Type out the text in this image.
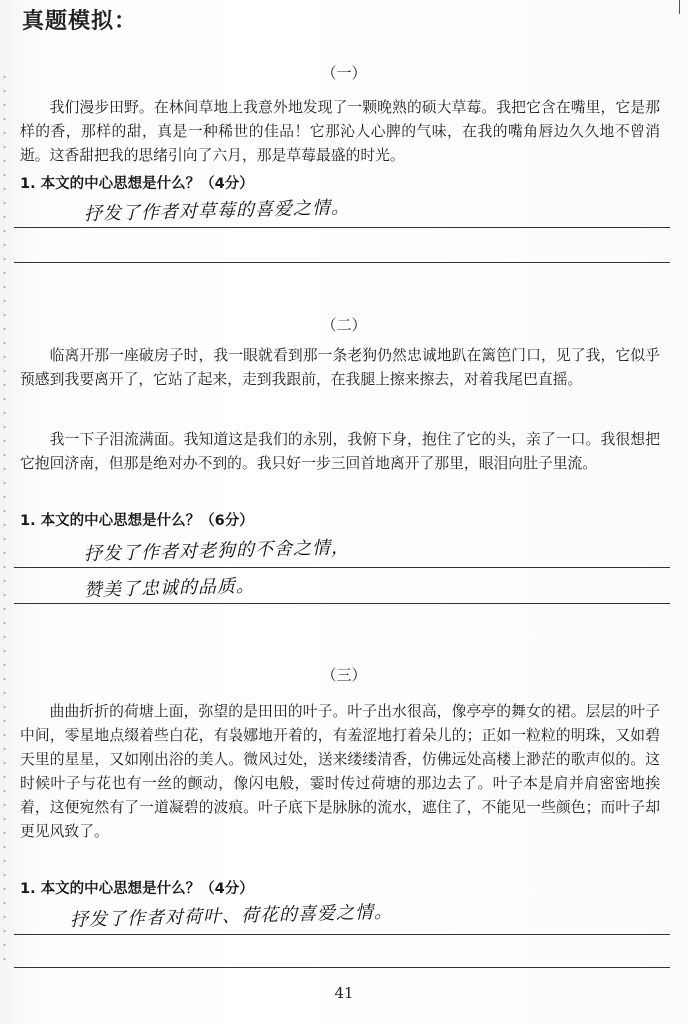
真题模拟：
（一）
我们漫步田野。在林间草地上我意外地发现了一颗晚熟的硕大草莓。我把它含在嘴里，它是那样的香，那样的甜，真是一种稀世的佳品！它那沁人心脾的气味，在我的嘴角唇边久久地不曾消逝。这香甜把我的思绪引向了六月，那是草莓最盛的时光。
1. 本文的中心思想是什么？（4分）
抒发了作者对草莓的喜爱之情。
（二）
临离开那一座破房子时，我一眼就看到那一条老狗仍然忠诚地趴在篱笆门口，见了我，它似乎预感到我要离开了，它站了起来，走到我跟前，在我腿上擦来擦去，对着我尾巴直摇。
我一下子泪流满面。我知道这是我们的永别，我俯下身，抱住了它的头，亲了一口。我很想把它抱回济南，但那是绝对办不到的。我只好一步三回首地离开了那里，眼泪向肚子里流。
1. 本文的中心思想是什么？（6分）
抒发了作者对老狗的不舍之情，
赞美了忠诚的品质。
（三）
曲曲折折的荷塘上面，弥望的是田田的叶子。叶子出水很高，像亭亭的舞女的裙。层层的叶子中间，零星地点缀着些白花，有袅娜地开着的，有羞涩地打着朵儿的；正如一粒粒的明珠，又如碧天里的星星，又如刚出浴的美人。微风过处，送来缕缕清香，仿佛远处高楼上渺茫的歌声似的。这时候叶子与花也有一丝的颤动，像闪电般，霎时传过荷塘的那边去了。叶子本是肩并肩密密地挨着，这便宛然有了一道凝碧的波痕。叶子底下是脉脉的流水，遮住了，不能见一些颜色；而叶子却更见风致了。
1. 本文的中心思想是什么？（4分）
抒发了作者对荷叶、荷花的喜爱之情。
41
